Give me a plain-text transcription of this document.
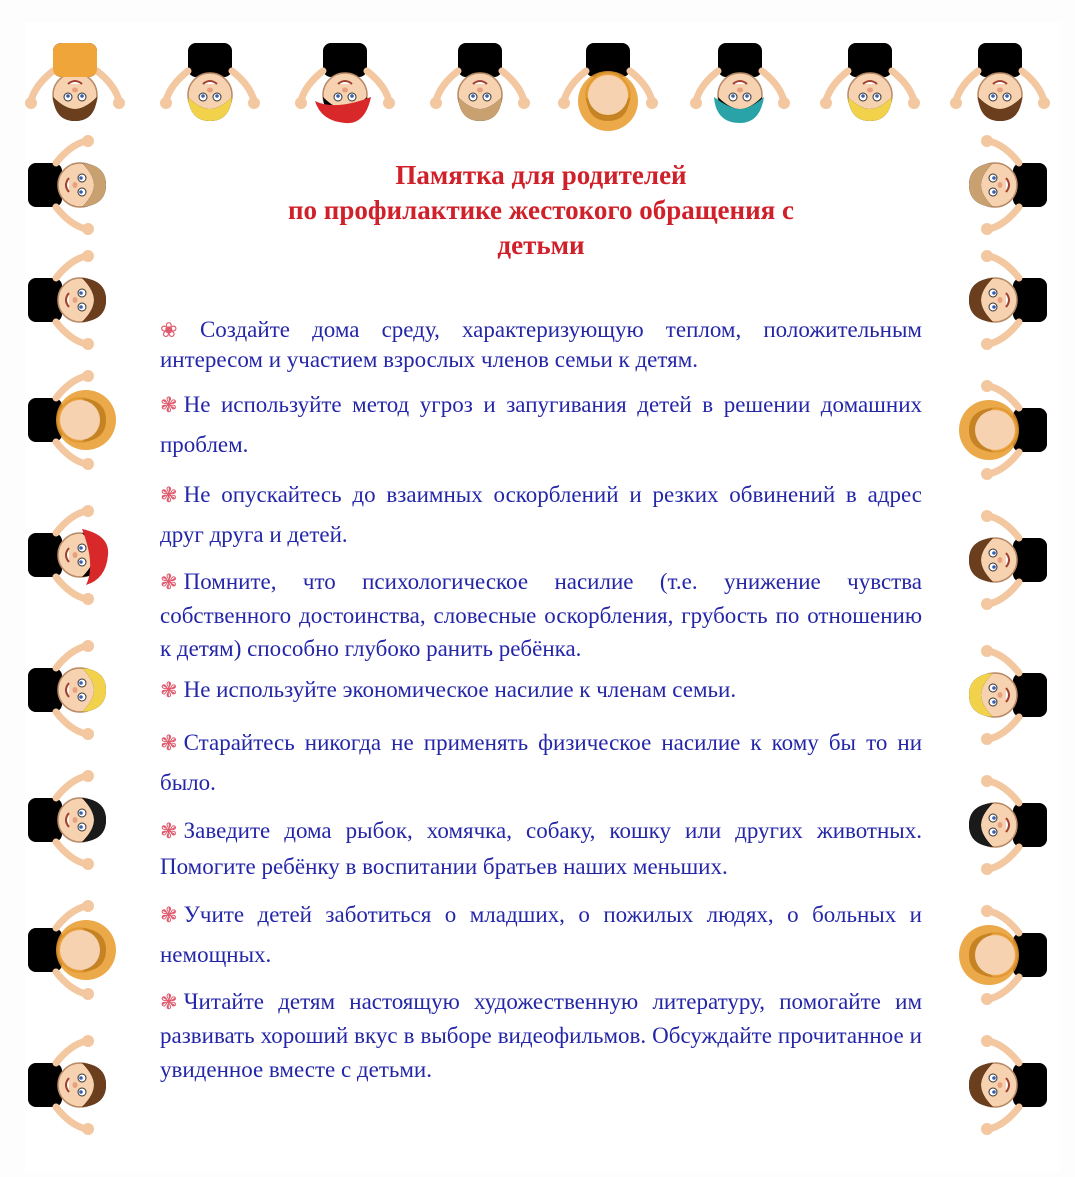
Памятка для родителей
по профилактике жестокого обращения с
детьми

❀ Создайте дома среду, характеризующую теплом, положительным интересом и участием взрослых членов семьи к детям.

❃ Не используйте метод угроз и запугивания детей в решении домашних проблем.

❃ Не опускайтесь до взаимных оскорблений и резких обвинений в адрес друг друга и детей.

❃ Помните, что психологическое насилие (т.е. унижение чувства собственного достоинства, словесные оскорбления, грубость по отношению к детям) способно глубоко ранить ребёнка.

❃ Не используйте экономическое насилие к членам семьи.

❃ Старайтесь никогда не применять физическое насилие к кому бы то ни было.

❃ Заведите дома рыбок, хомячка, собаку, кошку или других животных. Помогите ребёнку в воспитании братьев наших меньших.

❃ Учите детей заботиться о младших, о пожилых людях, о больных и немощных.

❃ Читайте детям настоящую художественную литературу, помогайте им развивать хороший вкус в выборе видеофильмов. Обсуждайте прочитанное и увиденное вместе с детьми.
